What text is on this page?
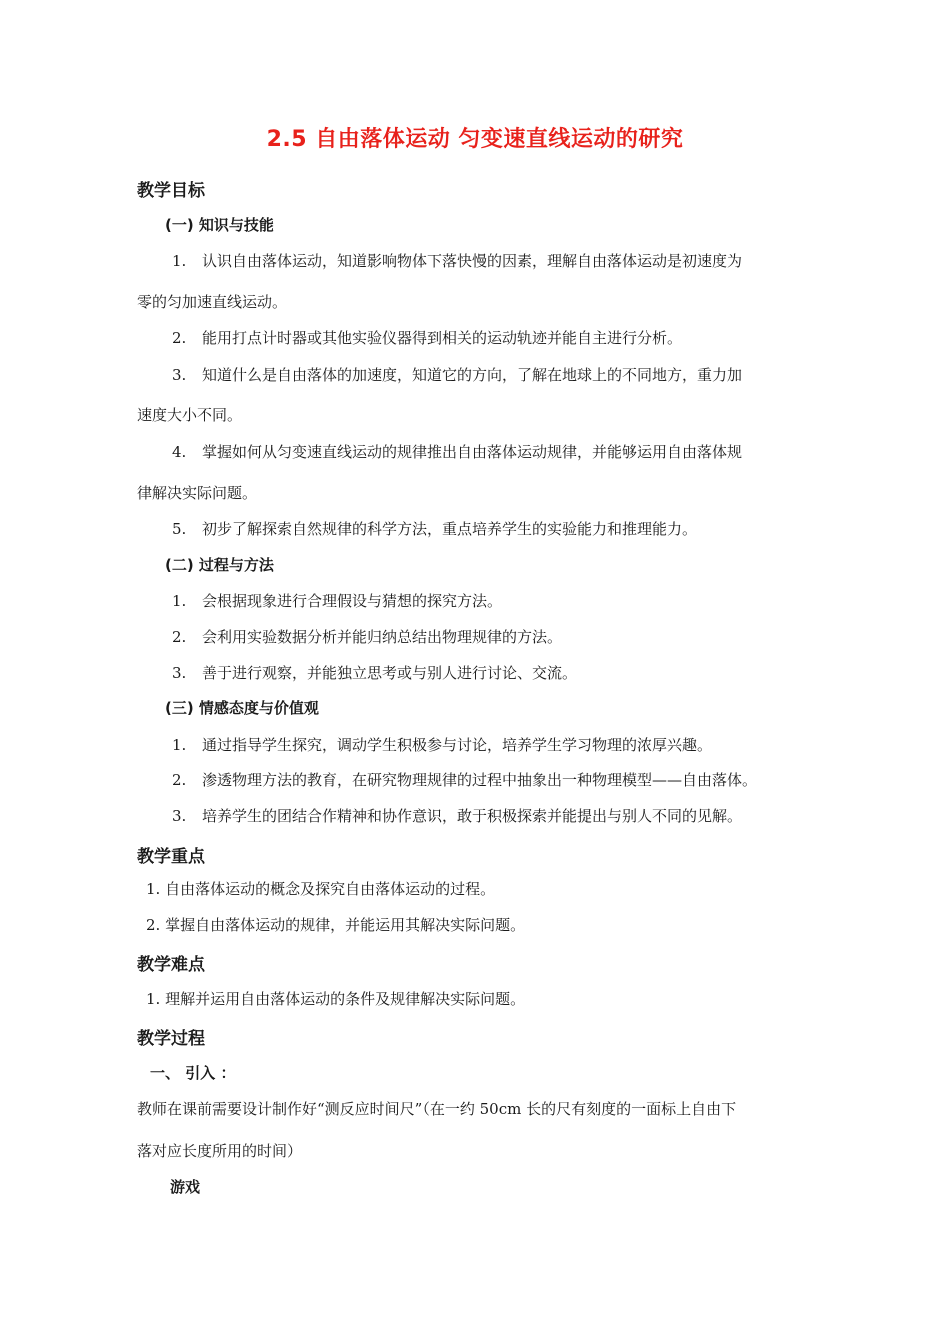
2.5 自由落体运动 匀变速直线运动的研究
教学目标
(一) 知识与技能
1. 认识自由落体运动，知道影响物体下落快慢的因素，理解自由落体运动是初速度为
零的匀加速直线运动。
2. 能用打点计时器或其他实验仪器得到相关的运动轨迹并能自主进行分析。
3. 知道什么是自由落体的加速度，知道它的方向，了解在地球上的不同地方，重力加
速度大小不同。
4. 掌握如何从匀变速直线运动的规律推出自由落体运动规律，并能够运用自由落体规
律解决实际问题。
5. 初步了解探索自然规律的科学方法，重点培养学生的实验能力和推理能力。
(二) 过程与方法
1. 会根据现象进行合理假设与猜想的探究方法。
2. 会利用实验数据分析并能归纳总结出物理规律的方法。
3. 善于进行观察，并能独立思考或与别人进行讨论、交流。
(三) 情感态度与价值观
1. 通过指导学生探究，调动学生积极参与讨论，培养学生学习物理的浓厚兴趣。
2. 渗透物理方法的教育，在研究物理规律的过程中抽象出一种物理模型——自由落体。
3. 培养学生的团结合作精神和协作意识，敢于积极探索并能提出与别人不同的见解。
教学重点
1. 自由落体运动的概念及探究自由落体运动的过程。
2. 掌握自由落体运动的规律，并能运用其解决实际问题。
教学难点
1. 理解并运用自由落体运动的条件及规律解决实际问题。
教学过程
一、 引入 ：
教师在课前需要设计制作好“测反应时间尺”（在一约 50cm 长的尺有刻度的一面标上自由下
落对应长度所用的时间）
游戏
